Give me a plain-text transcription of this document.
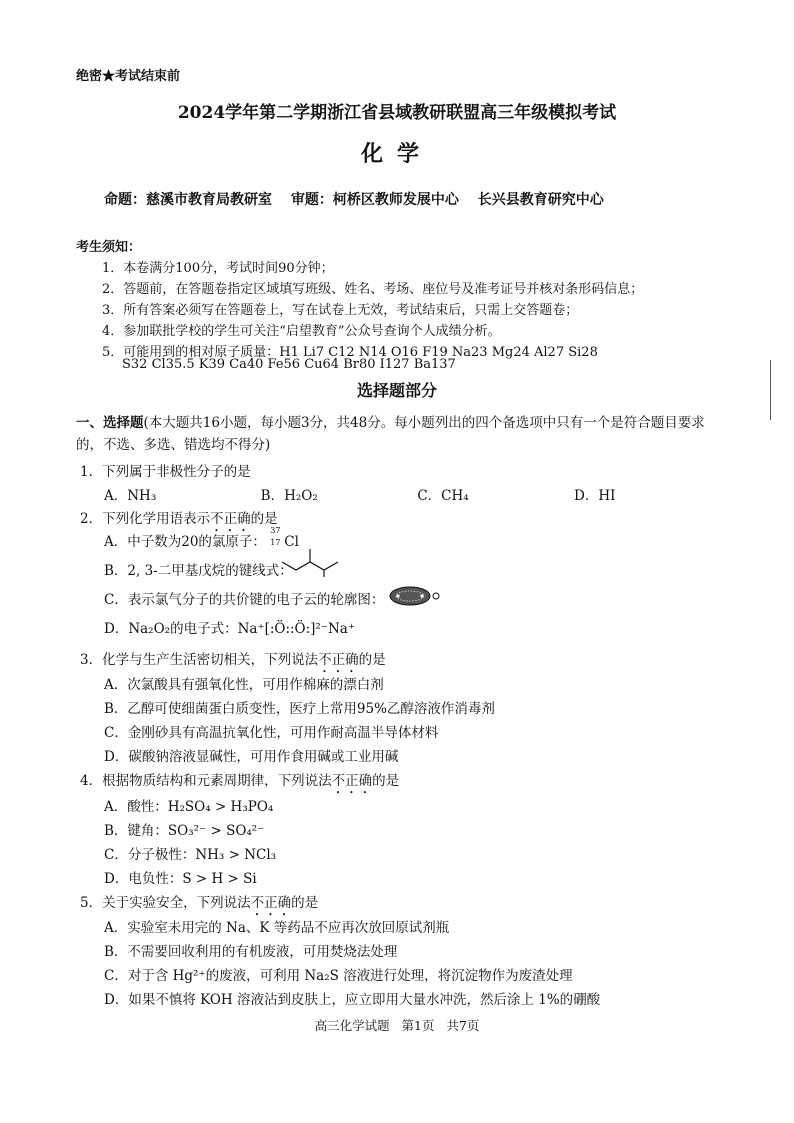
绝密★考试结束前
2024学年第二学期浙江省县域教研联盟高三年级模拟考试
化学
命题：慈溪市教育局教研室 审题：柯桥区教师发展中心 长兴县教育研究中心
考生须知：
1．本卷满分100分，考试时间90分钟；
2．答题前，在答题卷指定区域填写班级、姓名、考场、座位号及准考证号并核对条形码信息；
3．所有答案必须写在答题卷上，写在试卷上无效，考试结束后，只需上交答题卷；
4．参加联批学校的学生可关注“启望教育”公众号查询个人成绩分析。
5．可能用到的相对原子质量：H1 Li7 C12 N14 O16 F19 Na23 Mg24 Al27 Si28
S32 Cl35.5 K39 Ca40 Fe56 Cu64 Br80 I127 Ba137
选择题部分
一、选择题(本大题共16小题，每小题3分，共48分。每小题列出的四个备选项中只有一个是符合题目要求的，不选、多选、错选均不得分)
1．下列属于非极性分子的是
A．NH₃	B．H₂O₂	C．CH₄	D．HI
2．下列化学用语表示不正确的是
A．中子数为20的氯原子：
37
17 Cl
B．2, 3-二甲基戊烷的键线式：
C．表示氯气分子的共价键的电子云的轮廓图：
D．Na₂O₂的电子式：Na⁺[:Ö::Ö:]²⁻Na⁺
3．化学与生产生活密切相关，下列说法不正确的是
A．次氯酸具有强氧化性，可用作棉麻的漂白剂
B．乙醇可使细菌蛋白质变性，医疗上常用95%乙醇溶液作消毒剂
C．金刚砂具有高温抗氧化性，可用作耐高温半导体材料
D．碳酸钠溶液显碱性，可用作食用碱或工业用碱
4．根据物质结构和元素周期律，下列说法不正确的是
A．酸性：H₂SO₄ > H₃PO₄
B．键角：SO₃²⁻ > SO₄²⁻
C．分子极性：NH₃ > NCl₃
D．电负性：S > H > Si
5．关于实验安全，下列说法不正确的是
A．实验室未用完的 Na、K 等药品不应再次放回原试剂瓶
B．不需要回收利用的有机废液，可用焚烧法处理
C．对于含 Hg²⁺的废液，可利用 Na₂S 溶液进行处理，将沉淀物作为废渣处理
D．如果不慎将 KOH 溶液沾到皮肤上，应立即用大量水冲洗，然后涂上 1%的硼酸
高三化学试题 第1页 共7页
